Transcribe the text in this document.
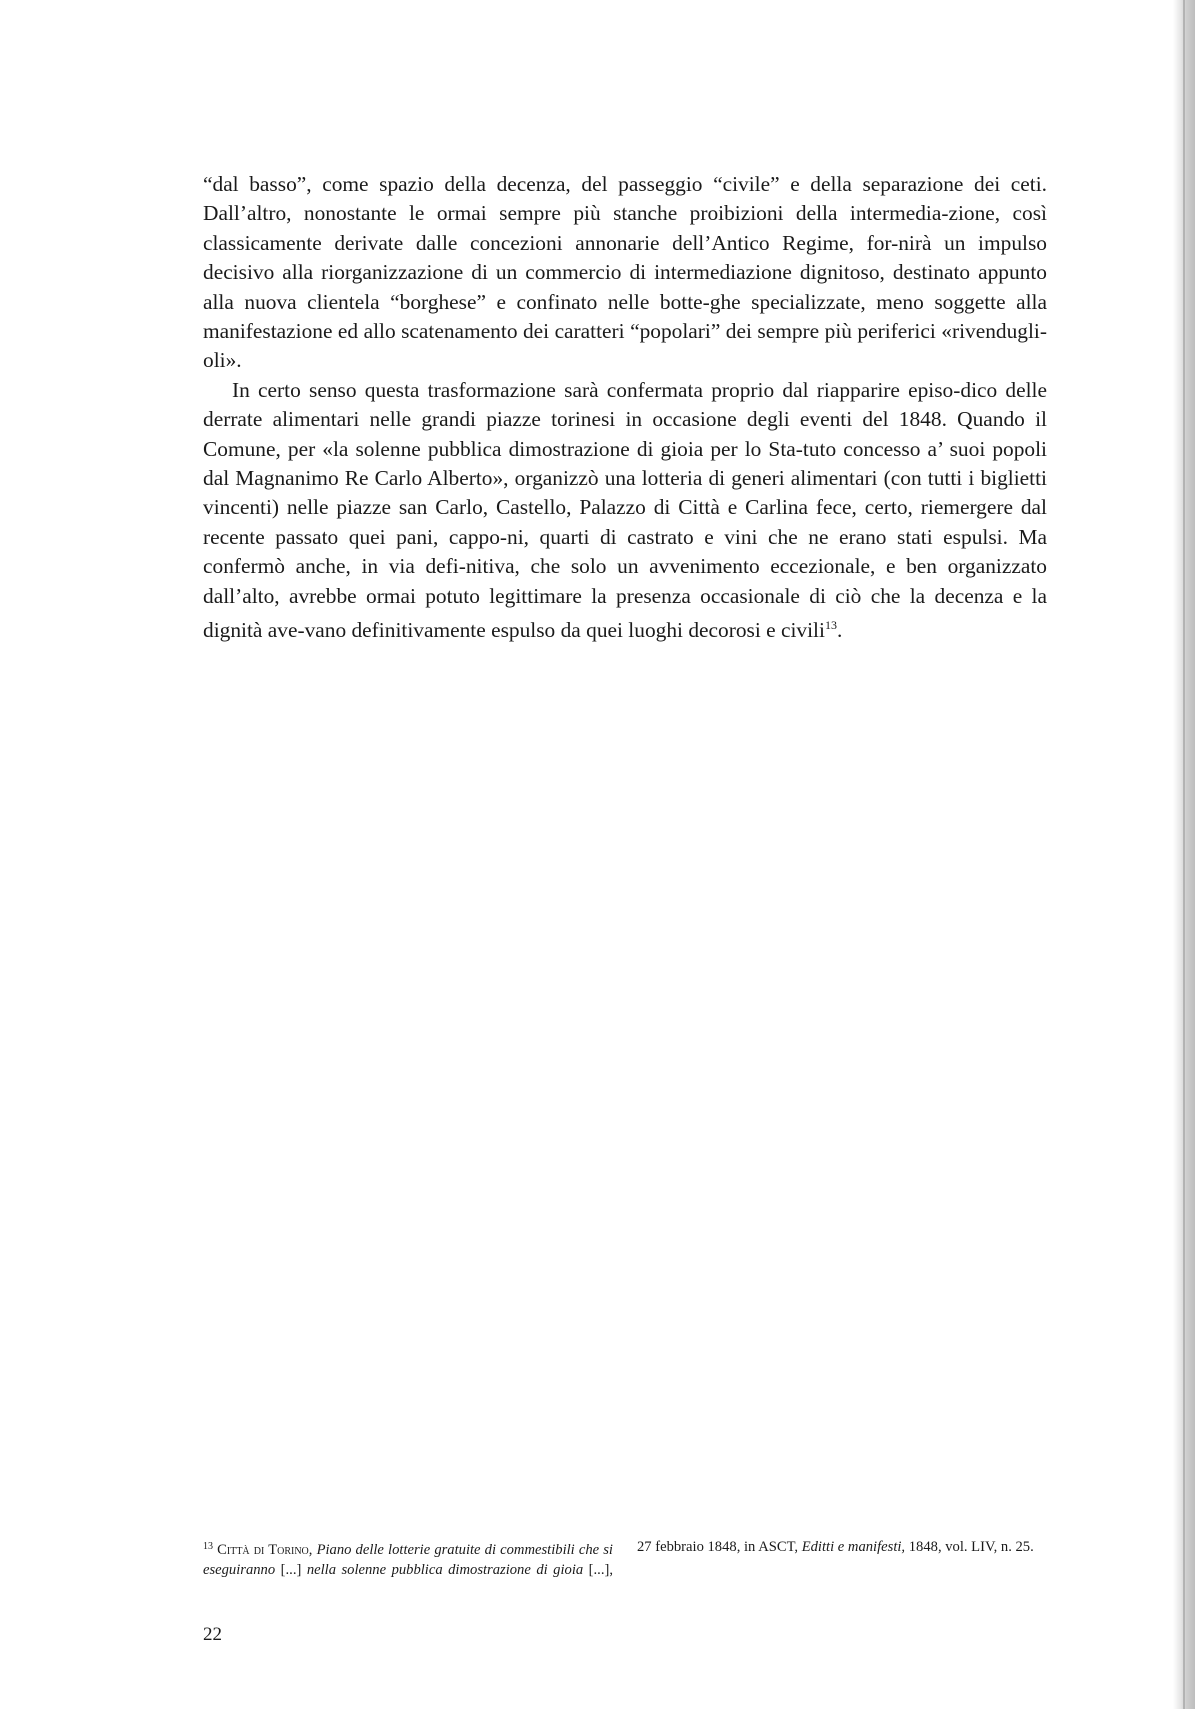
“dal basso”, come spazio della decenza, del passeggio “civile” e della separazione dei ceti. Dall’altro, nonostante le ormai sempre più stanche proibizioni della intermedia-zione, così classicamente derivate dalle concezioni annonarie dell’Antico Regime, for-nirà un impulso decisivo alla riorganizzazione di un commercio di intermediazione dignitoso, destinato appunto alla nuova clientela “borghese” e confinato nelle botte-ghe specializzate, meno soggette alla manifestazione ed allo scatenamento dei caratteri “popolari” dei sempre più periferici «rivenduglioli».

In certo senso questa trasformazione sarà confermata proprio dal riapparire episo-dico delle derrate alimentari nelle grandi piazze torinesi in occasione degli eventi del 1848. Quando il Comune, per «la solenne pubblica dimostrazione di gioia per lo Sta-tuto concesso a’ suoi popoli dal Magnanimo Re Carlo Alberto», organizzò una lotteria di generi alimentari (con tutti i biglietti vincenti) nelle piazze san Carlo, Castello, Palazzo di Città e Carlina fece, certo, riemergere dal recente passato quei pani, cappo-ni, quarti di castrato e vini che ne erano stati espulsi. Ma confermò anche, in via defi-nitiva, che solo un avvenimento eccezionale, e ben organizzato dall’alto, avrebbe ormai potuto legittimare la presenza occasionale di ciò che la decenza e la dignità ave-vano definitivamente espulso da quei luoghi decorosi e civili$^{13}$.

$^{13}$ Città di Torino, Piano delle lotterie gratuite di commestibili che si eseguiranno [...] nella solenne pubblica dimostrazione di gioia [...], 27 febbraio 1848, in ASCT, Editti e manifesti, 1848, vol. LIV, n. 25.
22
